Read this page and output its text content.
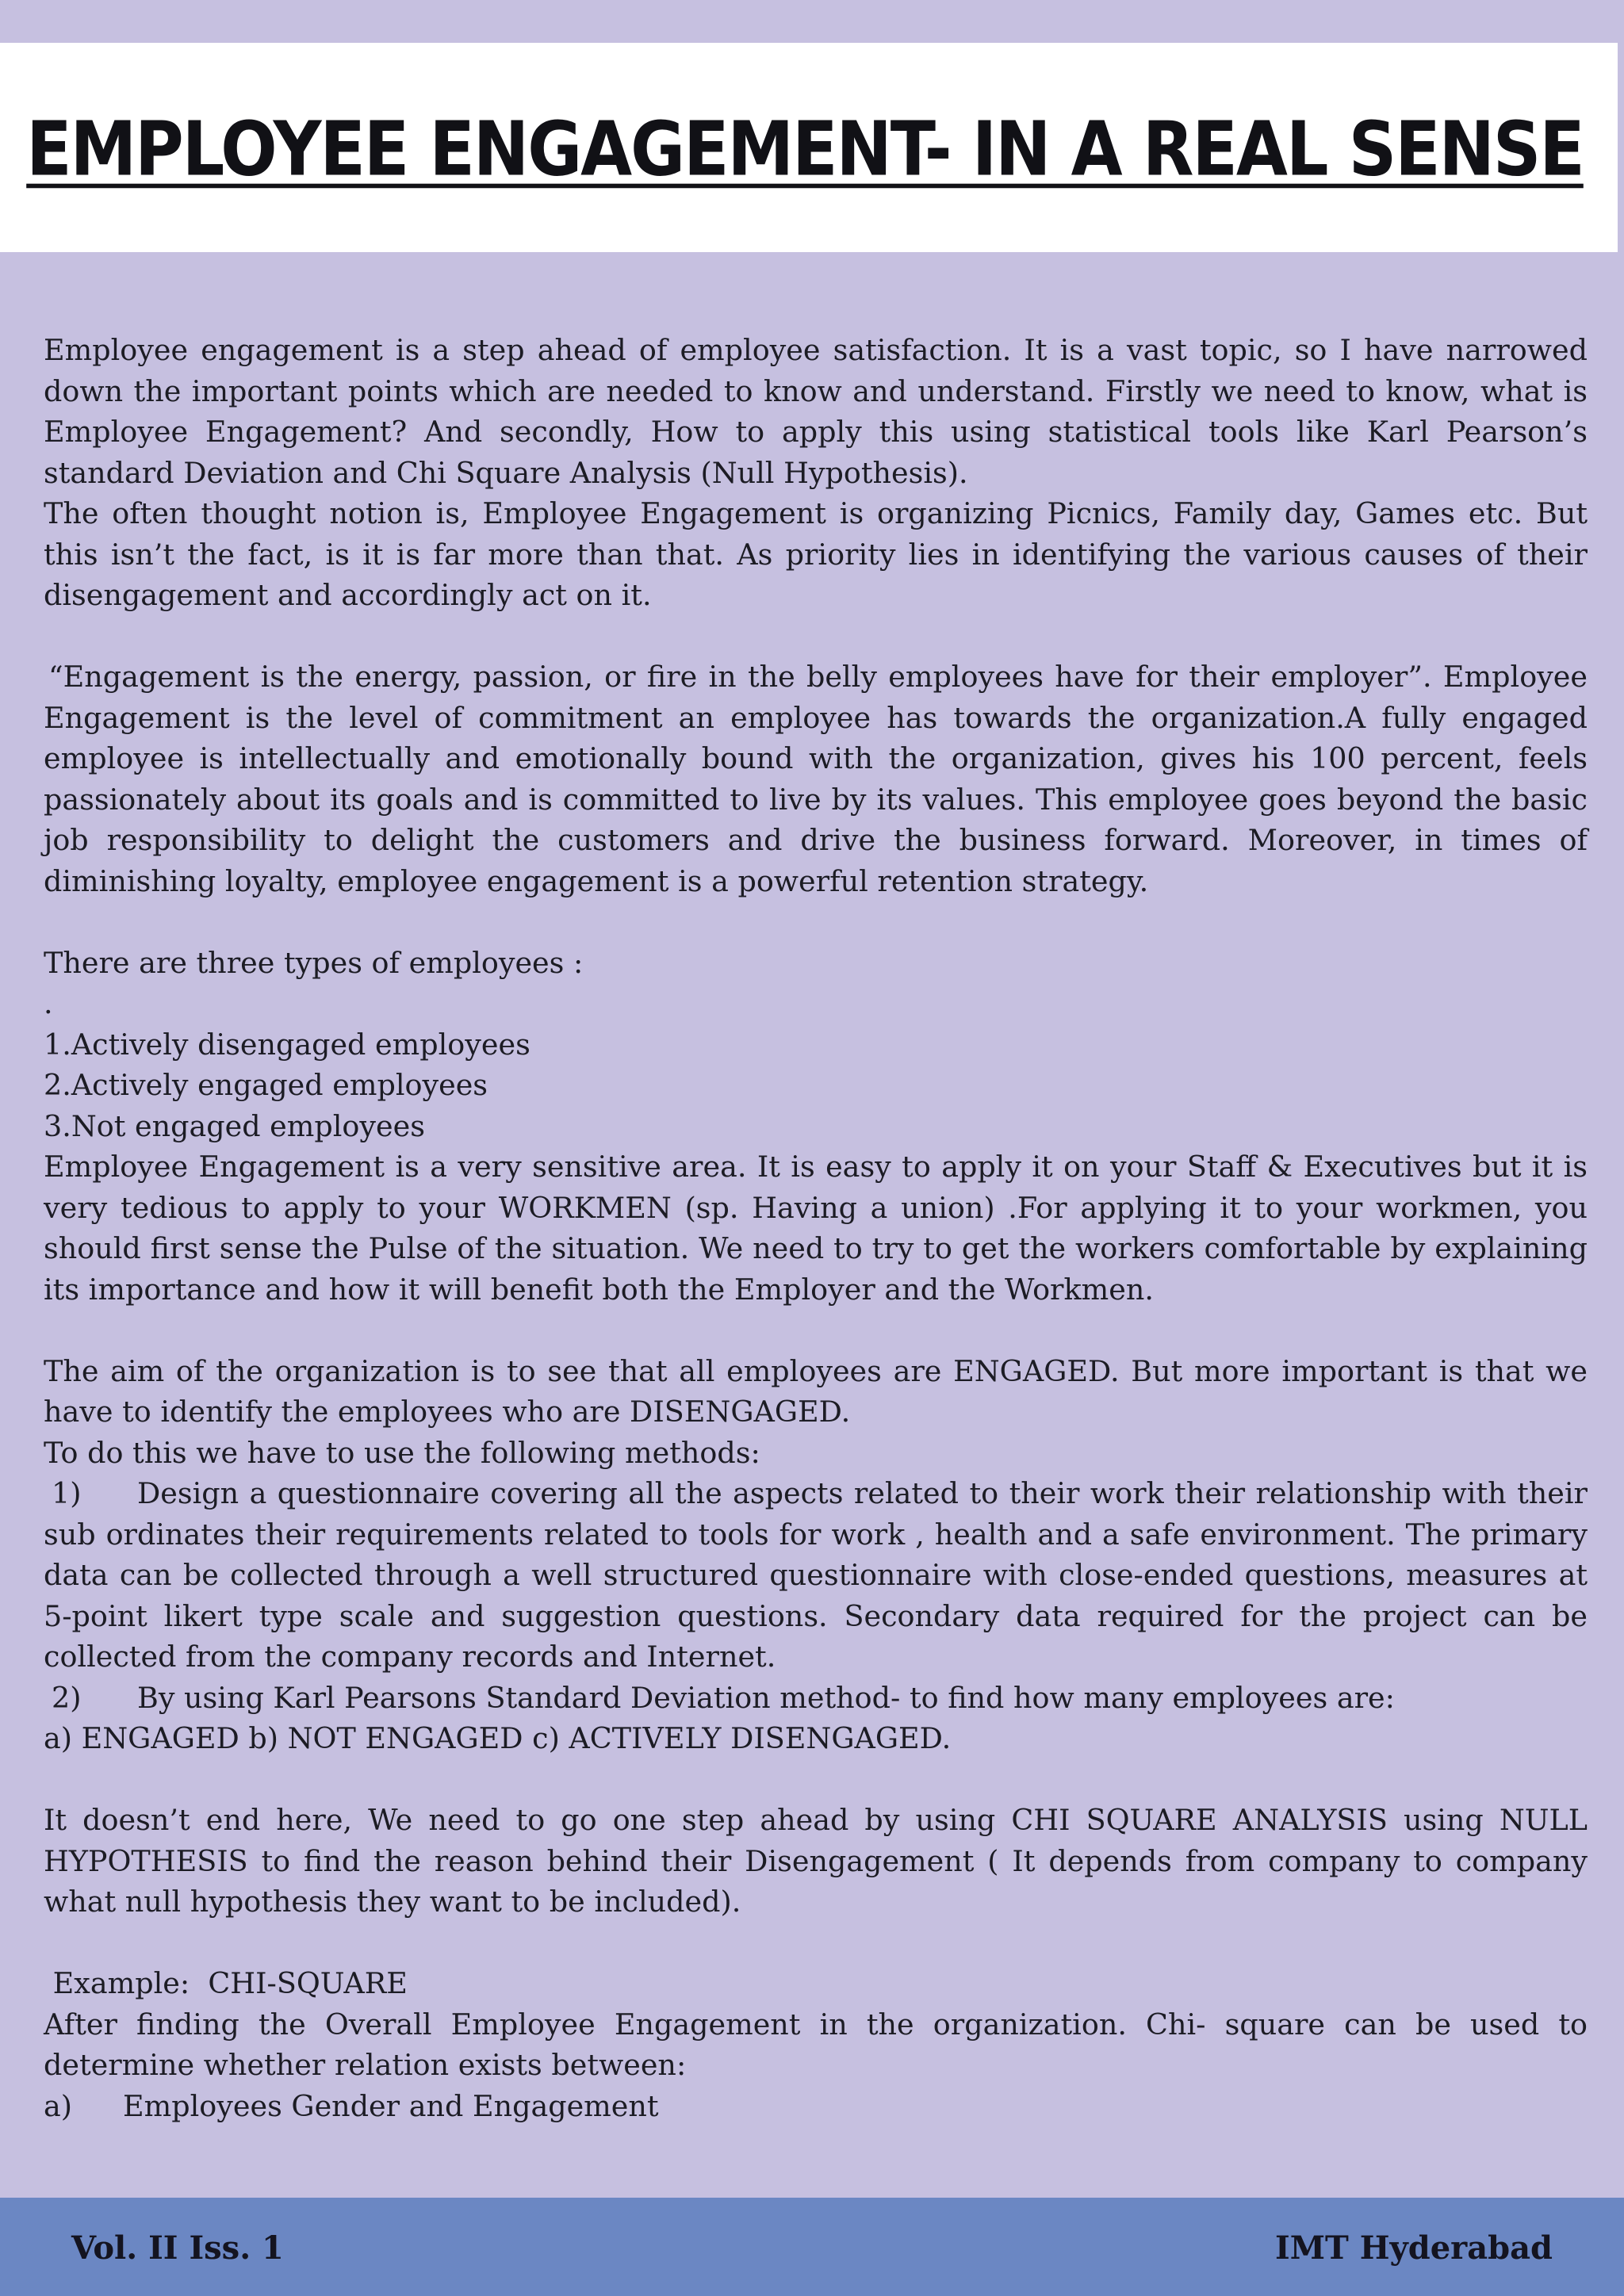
EMPLOYEE ENGAGEMENT- IN A REAL SENSE

Employee engagement is a step ahead of employee satisfaction. It is a vast topic, so I have narrowed down the important points which are needed to know and understand. Firstly we need to know, what is Employee Engagement? And secondly, How to apply this using statistical tools like Karl Pearson’s standard Deviation and Chi Square Analysis (Null Hypothesis).

The often thought notion is, Employee Engagement is organizing Picnics, Family day, Games etc. But this isn’t the fact, is it is far more than that. As priority lies in identifying the various causes of their disengagement and accordingly act on it.

“Engagement is the energy, passion, or fire in the belly employees have for their employer”. Employee Engagement is the level of commitment an employee has towards the organization.A fully engaged employee is intellectually and emotionally bound with the organization, gives his 100 percent, feels passionately about its goals and is committed to live by its values. This employee goes beyond the basic job responsibility to delight the customers and drive the business forward. Moreover, in times of diminishing loyalty, employee engagement is a powerful retention strategy.

There are three types of employees :

.

1.Actively disengaged employees

2.Actively engaged employees

3.Not engaged employees

Employee Engagement is a very sensitive area. It is easy to apply it on your Staff & Executives but it is very tedious to apply to your WORKMEN (sp. Having a union) .For applying it to your workmen, you should first sense the Pulse of the situation. We need to try to get the workers comfortable by explaining its importance and how it will benefit both the Employer and the Workmen.

The aim of the organization is to see that all employees are ENGAGED. But more important is that we have to identify the employees who are DISENGAGED.

To do this we have to use the following methods:

1) Design a questionnaire covering all the aspects related to their work their relationship with their sub ordinates their requirements related to tools for work , health and a safe environment. The primary data can be collected through a well structured questionnaire with close-ended questions, measures at 5-point likert type scale and suggestion questions. Secondary data required for the project can be collected from the company records and Internet.

2) By using Karl Pearsons Standard Deviation method- to find how many employees are:

a) ENGAGED b) NOT ENGAGED c) ACTIVELY DISENGAGED.

It doesn’t end here, We need to go one step ahead by using CHI SQUARE ANALYSIS using NULL HYPOTHESIS to find the reason behind their Disengagement ( It depends from company to company what null hypothesis they want to be included).

Example:  CHI-SQUARE

After finding the Overall Employee Engagement in the organization. Chi- square can be used to determine whether relation exists between:

a) Employees Gender and Engagement

Vol. II Iss. 1	IMT Hyderabad
